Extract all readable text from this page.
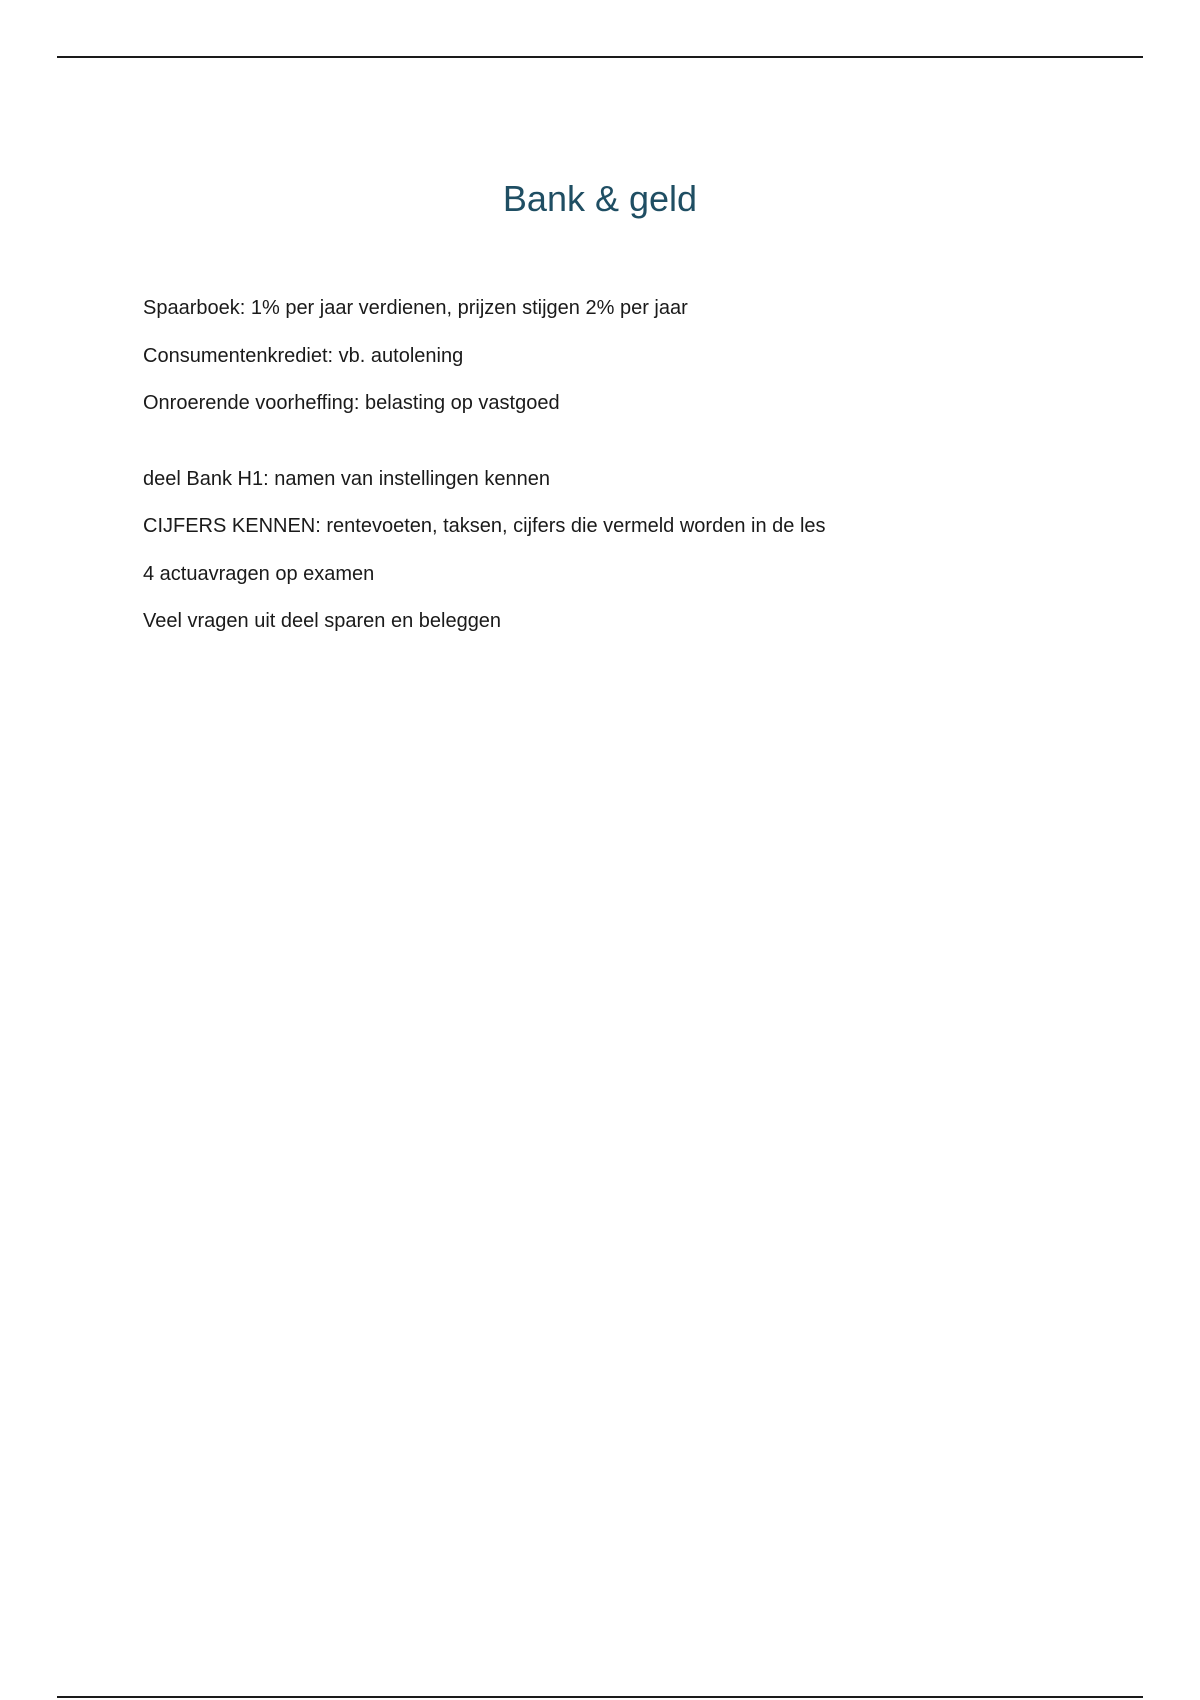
Bank & geld

Spaarboek: 1% per jaar verdienen, prijzen stijgen 2% per jaar

Consumentenkrediet: vb. autolening

Onroerende voorheffing: belasting op vastgoed

deel Bank H1: namen van instellingen kennen

CIJFERS KENNEN: rentevoeten, taksen, cijfers die vermeld worden in de les

4 actuavragen op examen

Veel vragen uit deel sparen en beleggen
